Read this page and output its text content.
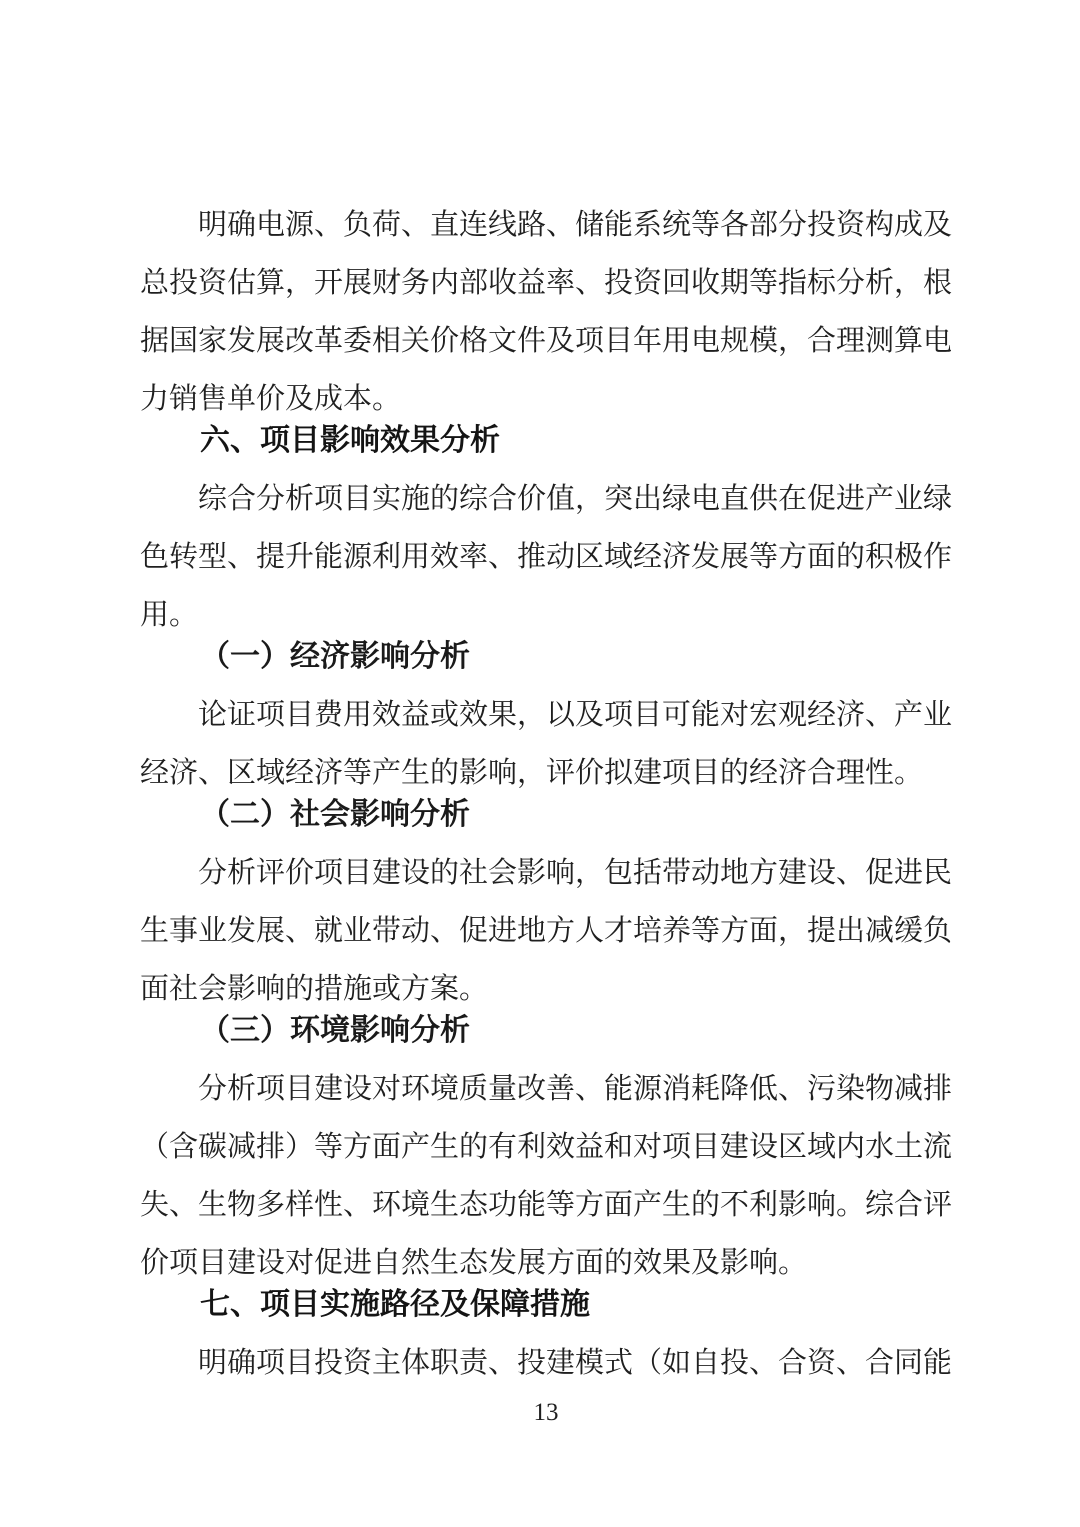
明确电源、负荷、直连线路、储能系统等各部分投资构成及总投资估算，开展财务内部收益率、投资回收期等指标分析，根据国家发展改革委相关价格文件及项目年用电规模，合理测算电力销售单价及成本。

六、项目影响效果分析

综合分析项目实施的综合价值，突出绿电直供在促进产业绿色转型、提升能源利用效率、推动区域经济发展等方面的积极作用。

（一）经济影响分析

论证项目费用效益或效果，以及项目可能对宏观经济、产业经济、区域经济等产生的影响，评价拟建项目的经济合理性。

（二）社会影响分析

分析评价项目建设的社会影响，包括带动地方建设、促进民生事业发展、就业带动、促进地方人才培养等方面，提出减缓负面社会影响的措施或方案。

（三）环境影响分析

分析项目建设对环境质量改善、能源消耗降低、污染物减排（含碳减排）等方面产生的有利效益和对项目建设区域内水土流失、生物多样性、环境生态功能等方面产生的不利影响。综合评价项目建设对促进自然生态发展方面的效果及影响。

七、项目实施路径及保障措施

明确项目投资主体职责、投建模式（如自投、合资、合同能

13
